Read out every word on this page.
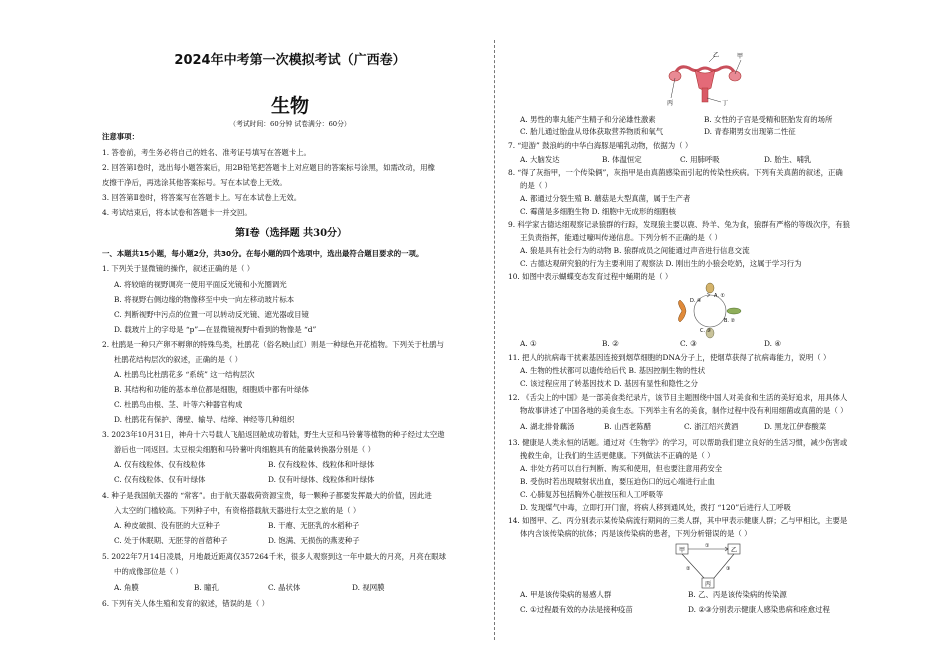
2024年中考第一次模拟考试（广西卷）
生物
（考试时间：60分钟 试卷满分：60分）
注意事项：
1. 答卷前，考生务必将自己的姓名、准考证号填写在答题卡上。
2. 回答第Ⅰ卷时，选出每小题答案后，用2B铅笔把答题卡上对应题目的答案标号涂黑，如需改动，用橡
皮擦干净后，再选涂其他答案标号。写在本试卷上无效。
3. 回答第Ⅱ卷时，将答案写在答题卡上。写在本试卷上无效。
4. 考试结束后，将本试卷和答题卡一并交回。
第Ⅰ卷（选择题 共30分）
一、本题共15小题，每小题2分，共30分。在每小题的四个选项中，选出最符合题目要求的一项。
1. 下列关于显微镜的操作，叙述正确的是（ ）
A. 将较暗的视野调亮一使用平面反光镜和小光圈调光
B. 将视野右侧边缘的物像移至中央一向左移动玻片标本
C. 判断视野中污点的位置一可以转动反光镜、遮光器或目镜
D. 载玻片上的字母是 “p”—在显微镜视野中看到的物像是 “d”
2. 杜鹃是一种只产卵不孵卵的特殊鸟类，杜鹃花（俗名映山红）则是一种绿色开花植物。下列关于杜鹃与
杜鹃花结构层次的叙述，正确的是（ ）
A. 杜鹃鸟比杜鹃花多 “系统” 这一结构层次
B. 其结构和功能的基本单位都是细胞，细胞质中都有叶绿体
C. 杜鹃鸟由根、茎、叶等六种器官构成
D. 杜鹃花有保护、薄壁、输导、结缔、神经等几种组织
3. 2023年10月31日，神舟十六号载人飞船返回舱成功着陆，野生大豆和马铃薯等植物的种子经过太空遨
游后也一同返回。太豆根尖细胞和马铃薯叶肉细胞具有的能量转换器分别是（ ）
A. 仅有线粒体、仅有线粒体	B. 仅有线粒体、线粒体和叶绿体
C. 仅有线粒体、仅有叶绿体	D. 仅有叶绿体、线粒体和叶绿体
4. 种子是我国航天器的 “常客”。由于航天器载荷资源宝贵，每一颗种子都要发挥最大的价值，因此进
入太空的门槛较高。下列种子中，有资格搭载航天器进行太空之旅的是（ ）
A. 种皮破损、没有胚的大豆种子	B. 干瘪、无胚乳的水稻种子
C. 处于休眠期、无胚芽的首蓿种子	D. 饱满、无损伤的燕麦种子
5. 2022年7月14日凌晨，月地最近距离仅357264千米，很多人观察到这一年中最大的月亮，月亮在眼球
中的成像部位是（ ）
A. 角膜	B. 瞳孔	C. 晶状体	D. 视网膜
6. 下列有关人体生殖和发育的叙述，错误的是（ ）
乙	甲
丙	丁
A. 男性的睾丸能产生精子和分泌雄性激素	B. 女性的子宫是受精和胚胎发育的场所
C. 胎儿通过胎盘从母体获取营养物质和氧气	D. 青春期男女出现第二性征
7. “迎游” 鼓浪屿的中华白海豚是哺乳动物，依据为（ ）
A. 大脑发达	B. 体温恒定	C. 用肺呼吸	D. 胎生、哺乳
8. “得了灰指甲，一个传染俩”，灰指甲是由真菌感染而引起的传染性疾病。下列有关真菌的叙述，正确
的是（ ）
A. 都通过分裂生殖 B. 蘑菇是大型真菌，属于生产者
C. 霉菌是多细胞生物 D. 细胞中无成形的细胞核
9. 科学家古德达细观察记录狼群的行踪，发现狼主要以鹿、羚羊、兔为食，狼群有严格的等级次序，有狼
王负责指挥，能通过嚎叫传递信息。下列分析不正确的是（ ）
A. 狼是具有社会行为的动物 B. 狼群成员之间能通过声音进行信息交流
C. 古德达观研究狼的行为主要利用了观察法 D. 刚出生的小狼会吃奶，这属于学习行为
10. 如图中表示蝴蝶变态发育过程中蛹期的是（ ）
A. ①
B. ②
C. ③
D. ④
A. ①	B. ②	C. ③	D. ④
11. 把人的抗病毒干扰素基因连接到烟草细胞的DNA分子上，使烟草获得了抗病毒能力，说明（ ）
A. 生物的性状都可以遗传给后代 B. 基因控制生物的性状
C. 该过程应用了转基因技术 D. 基因有显性和隐性之分
12. 《舌尖上的中国》是一部美食类纪录片，该节目主题围绕中国人对美食和生活的美好追求，用具体人
物故事讲述了中国各地的美食生态。下列举主有名的美食，制作过程中没有利用细菌或真菌的是（ ）
A. 湖北排骨藕汤	B. 山西老陈醋	C. 浙江绍兴黄酒	D. 黑龙江伊春酸菜
13. 健康是人类永恒的话题。通过对《生物学》的学习，可以帮助我们建立良好的生活习惯，减少伤害或
挽救生命，让我们的生活更健康。下列做法不正确的是（ ）
A. 非处方药可以自行判断、购买和使用，但也要注意用药安全
B. 受伤时若出现喷射状出血，要压迫伤口的远心端进行止血
C. 心肺复苏包括胸外心脏按压和人工呼吸等
D. 发现煤气中毒，立即打开门窗，将病人移到通风处，拨打 “120”后进行人工呼吸
14. 如图甲、乙、丙分别表示某传染病流行期间的三类人群，其中甲表示健康人群；乙与甲相比，主要是
体内含该传染病的抗体；丙是该传染病的患者，下列分析错误的是（ ）
甲	乙
丙
①
②	③
A. 甲是该传染病的易感人群	B. 乙、丙是该传染病的传染源
C. ①过程最有效的办法是接种疫苗	D. ②③分别表示健康人感染患病和痊愈过程
